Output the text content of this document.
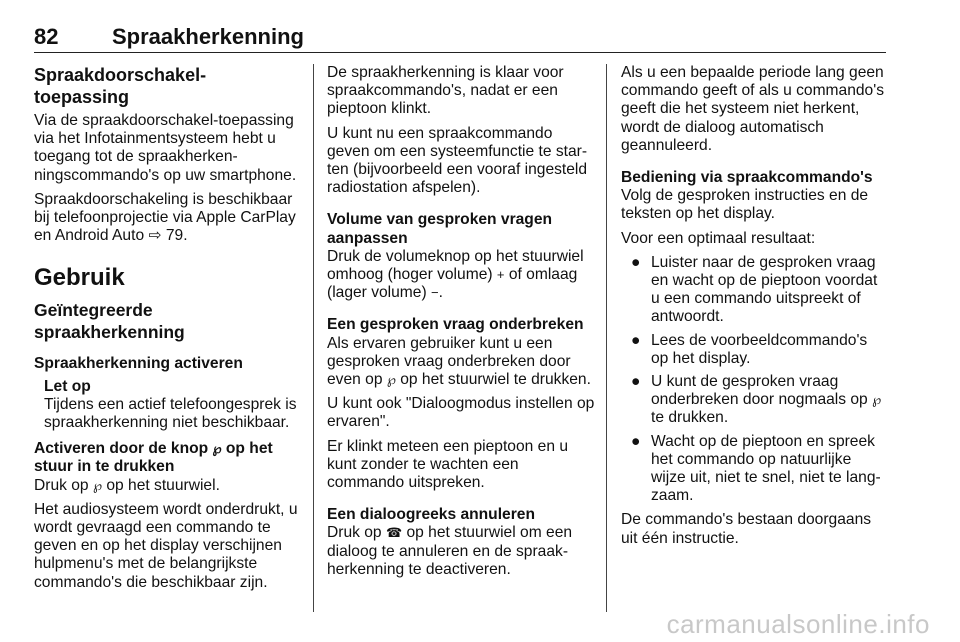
82 Spraakherkenning
Spraakdoorschakel-toepassing

Via de spraakdoorschakel-toepassing via het Infotainmentsysteem hebt u toegang tot de spraakherkenningscommando's op uw smartphone.

Spraakdoorschakeling is beschikbaar bij telefoonprojectie via Apple CarPlay en Android Auto ⇨ 79.

Gebruik
Geïntegreerde spraakherkenning

Spraakherkenning activeren

Let op
Tijdens een actief telefoongesprek is spraakherkenning niet beschikbaar.

Activeren door de knop ℘ op het stuur in te drukken

Druk op ℘ op het stuurwiel.

Het audiosysteem wordt onderdrukt, u wordt gevraagd een commando te geven en op het display verschijnen hulpmenu's met de belangrijkste commando's die beschikbaar zijn.

De spraakherkenning is klaar voor spraakcommando's, nadat er een pieptoon klinkt.

U kunt nu een spraakcommando geven om een systeemfunctie te starten (bijvoorbeeld een vooraf ingesteld radiostation afspelen).

Volume van gesproken vragen aanpassen

Druk de volumeknop op het stuurwiel omhoog (hoger volume) + of omlaag (lager volume) −.

Een gesproken vraag onderbreken

Als ervaren gebruiker kunt u een gesproken vraag onderbreken door even op ℘ op het stuurwiel te drukken.

U kunt ook "Dialoogmodus instellen op ervaren".

Er klinkt meteen een pieptoon en u kunt zonder te wachten een commando uitspreken.

Een dialoogreeks annuleren

Druk op ☎ op het stuurwiel om een dialoog te annuleren en de spraakherkenning te deactiveren.

Als u een bepaalde periode lang geen commando geeft of als u commando's geeft die het systeem niet herkent, wordt de dialoog automatisch geannuleerd.

Bediening via spraakcommando's

Volg de gesproken instructies en de teksten op het display.

Voor een optimaal resultaat:

● Luister naar de gesproken vraag en wacht op de pieptoon voordat u een commando uitspreekt of antwoordt.
● Lees de voorbeeldcommando's op het display.
● U kunt de gesproken vraag onderbreken door nogmaals op ℘ te drukken.
● Wacht op de pieptoon en spreek het commando op natuurlijke wijze uit, niet te snel, niet te langzaam.

De commando's bestaan doorgaans uit één instructie.

carmanualsonline.info
